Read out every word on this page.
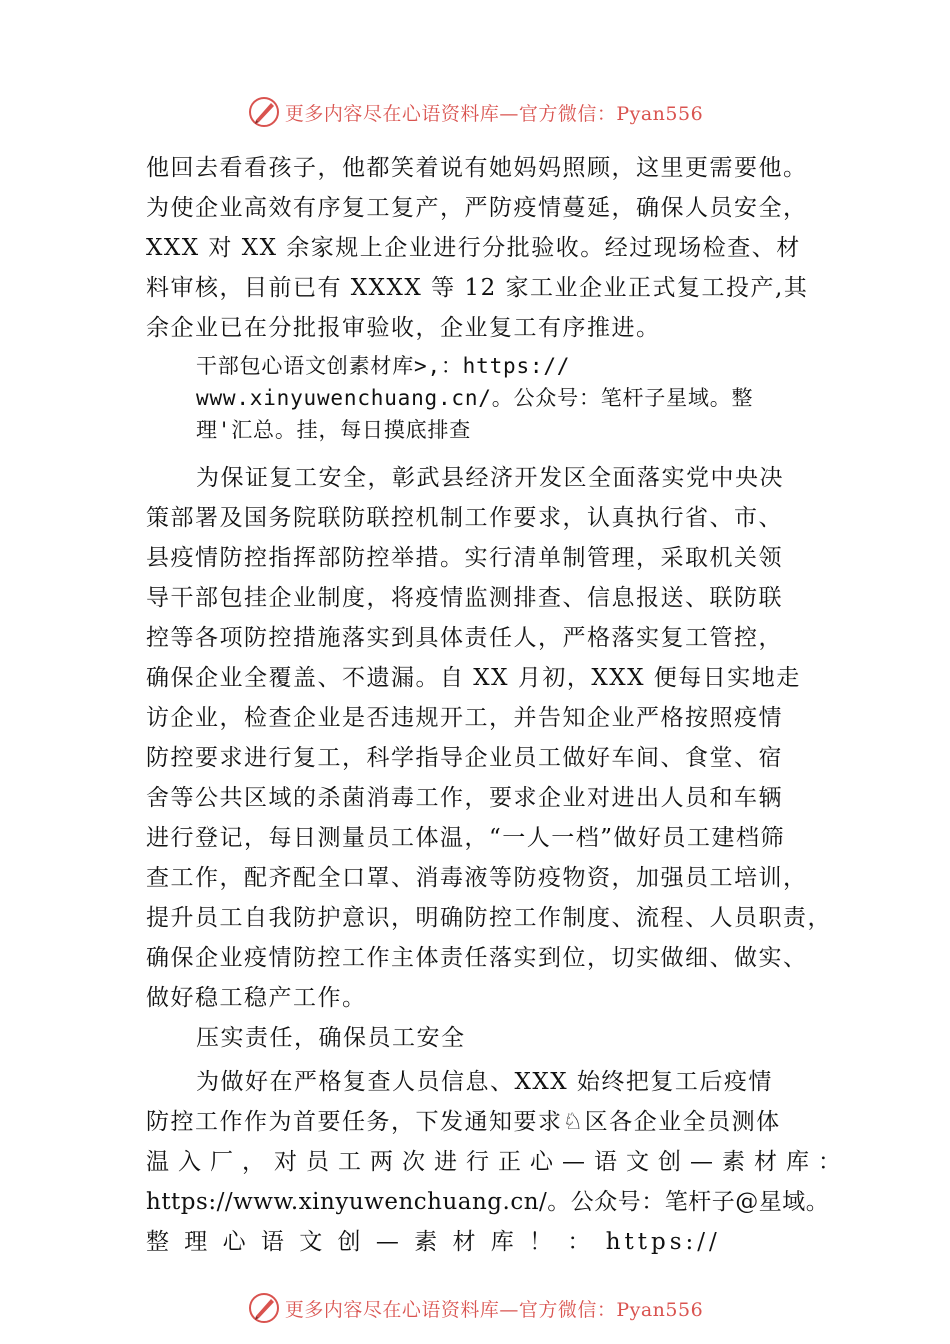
更多内容尽在心语资料库—官方微信：Pyan556
他回去看看孩子，他都笑着说有她妈妈照顾，这里更需要他。
为使企业高效有序复工复产，严防疫情蔓延，确保人员安全，
XXX 对 XX 余家规上企业进行分批验收。经过现场检查、材
料审核，目前已有 XXXX 等 12 家工业企业正式复工投产,其
余企业已在分批报审验收，企业复工有序推进。
干部包心语文创素材库>,：https://
www.xinyuwenchuang.cn/。公众号：笔杆子星域。整
理'汇总。挂，每日摸底排查
为保证复工安全，彰武县经济开发区全面落实党中央决
策部署及国务院联防联控机制工作要求，认真执行省、市、
县疫情防控指挥部防控举措。实行清单制管理，采取机关领
导干部包挂企业制度，将疫情监测排查、信息报送、联防联
控等各项防控措施落实到具体责任人，严格落实复工管控，
确保企业全覆盖、不遗漏。自 XX 月初，XXX 便每日实地走
访企业，检查企业是否违规开工，并告知企业严格按照疫情
防控要求进行复工，科学指导企业员工做好车间、食堂、宿
舍等公共区域的杀菌消毒工作，要求企业对进出人员和车辆
进行登记，每日测量员工体温，“一人一档”做好员工建档筛
查工作，配齐配全口罩、消毒液等防疫物资，加强员工培训，
提升员工自我防护意识，明确防控工作制度、流程、人员职责，
确保企业疫情防控工作主体责任落实到位，切实做细、做实、
做好稳工稳产工作。
压实责任，确保员工安全
为做好在严格复查人员信息、XXX 始终把复工后疫情
防控工作作为首要任务，下发通知要求♘区各企业全员测体
温入厂，对员工两次进行正心—语文创—素材库：
https://www.xinyuwenchuang.cn/。公众号：笔杆子@星域。
整 理 心 语 文 创 — 素 材 库 ！ ： https://
更多内容尽在心语资料库—官方微信：Pyan556
